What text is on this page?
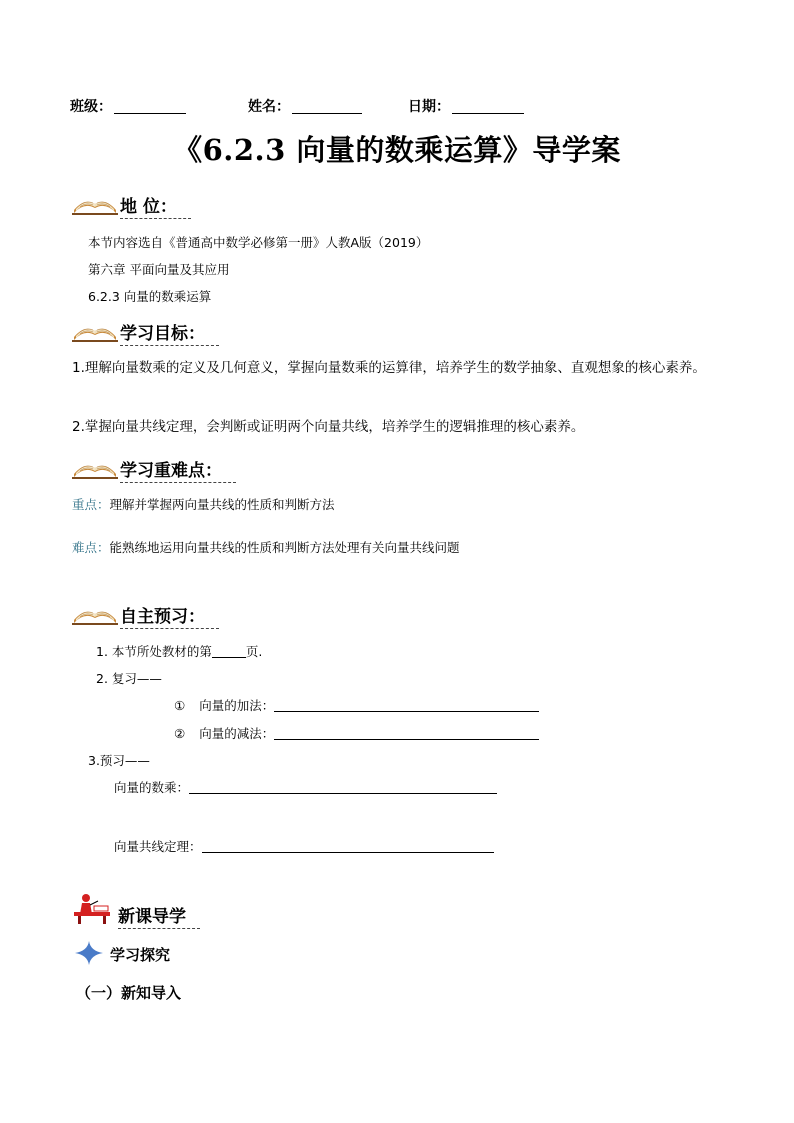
班级：	姓名：	日期：
《6.2.3 向量的数乘运算》导学案
地 位：
本节内容选自《普通高中数学必修第一册》人教A版（2019）
第六章 平面向量及其应用
6.2.3 向量的数乘运算
学习目标：
1.理解向量数乘的定义及几何意义，掌握向量数乘的运算律，培养学生的数学抽象、直观想象的核心素养。
2.掌握向量共线定理，会判断或证明两个向量共线，培养学生的逻辑推理的核心素养。
学习重难点：
重点：理解并掌握两向量共线的性质和判断方法
难点：能熟练地运用向量共线的性质和判断方法处理有关向量共线问题
自主预习：
1. 本节所处教材的第	页.
2. 复习——
① 向量的加法：
② 向量的减法：
3.预习——
向量的数乘：
向量共线定理：
新课导学
学习探究
（一）新知导入
